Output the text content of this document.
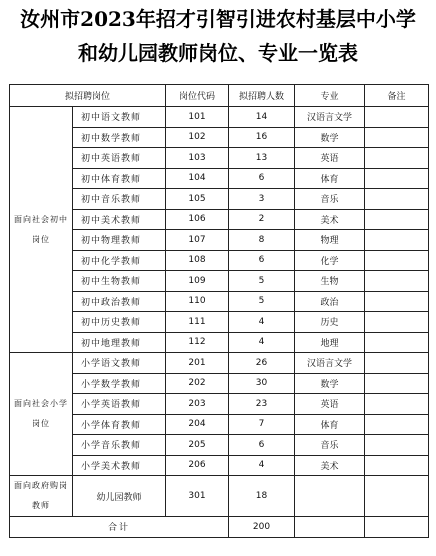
汝州市2023年招才引智引进农村基层中小学
和幼儿园教师岗位、专业一览表
拟招聘岗位		岗位代码	拟招聘人数	专业	备注
面向社会初中岗位	初中语文教师	101	14	汉语言文学	
	初中数学教师	102	16	数学	
	初中英语教师	103	13	英语	
	初中体育教师	104	6	体育	
	初中音乐教师	105	3	音乐	
	初中美术教师	106	2	美术	
	初中物理教师	107	8	物理	
	初中化学教师	108	6	化学	
	初中生物教师	109	5	生物	
	初中政治教师	110	5	政治	
	初中历史教师	111	4	历史	
	初中地理教师	112	4	地理	
面向社会小学岗位	小学语文教师	201	26	汉语言文学	
	小学数学教师	202	30	数学	
	小学英语教师	203	23	英语	
	小学体育教师	204	7	体育	
	小学音乐教师	205	6	音乐	
	小学美术教师	206	4	美术	
面向政府购岗教师	幼儿园教师	301	18		
合计			200		
